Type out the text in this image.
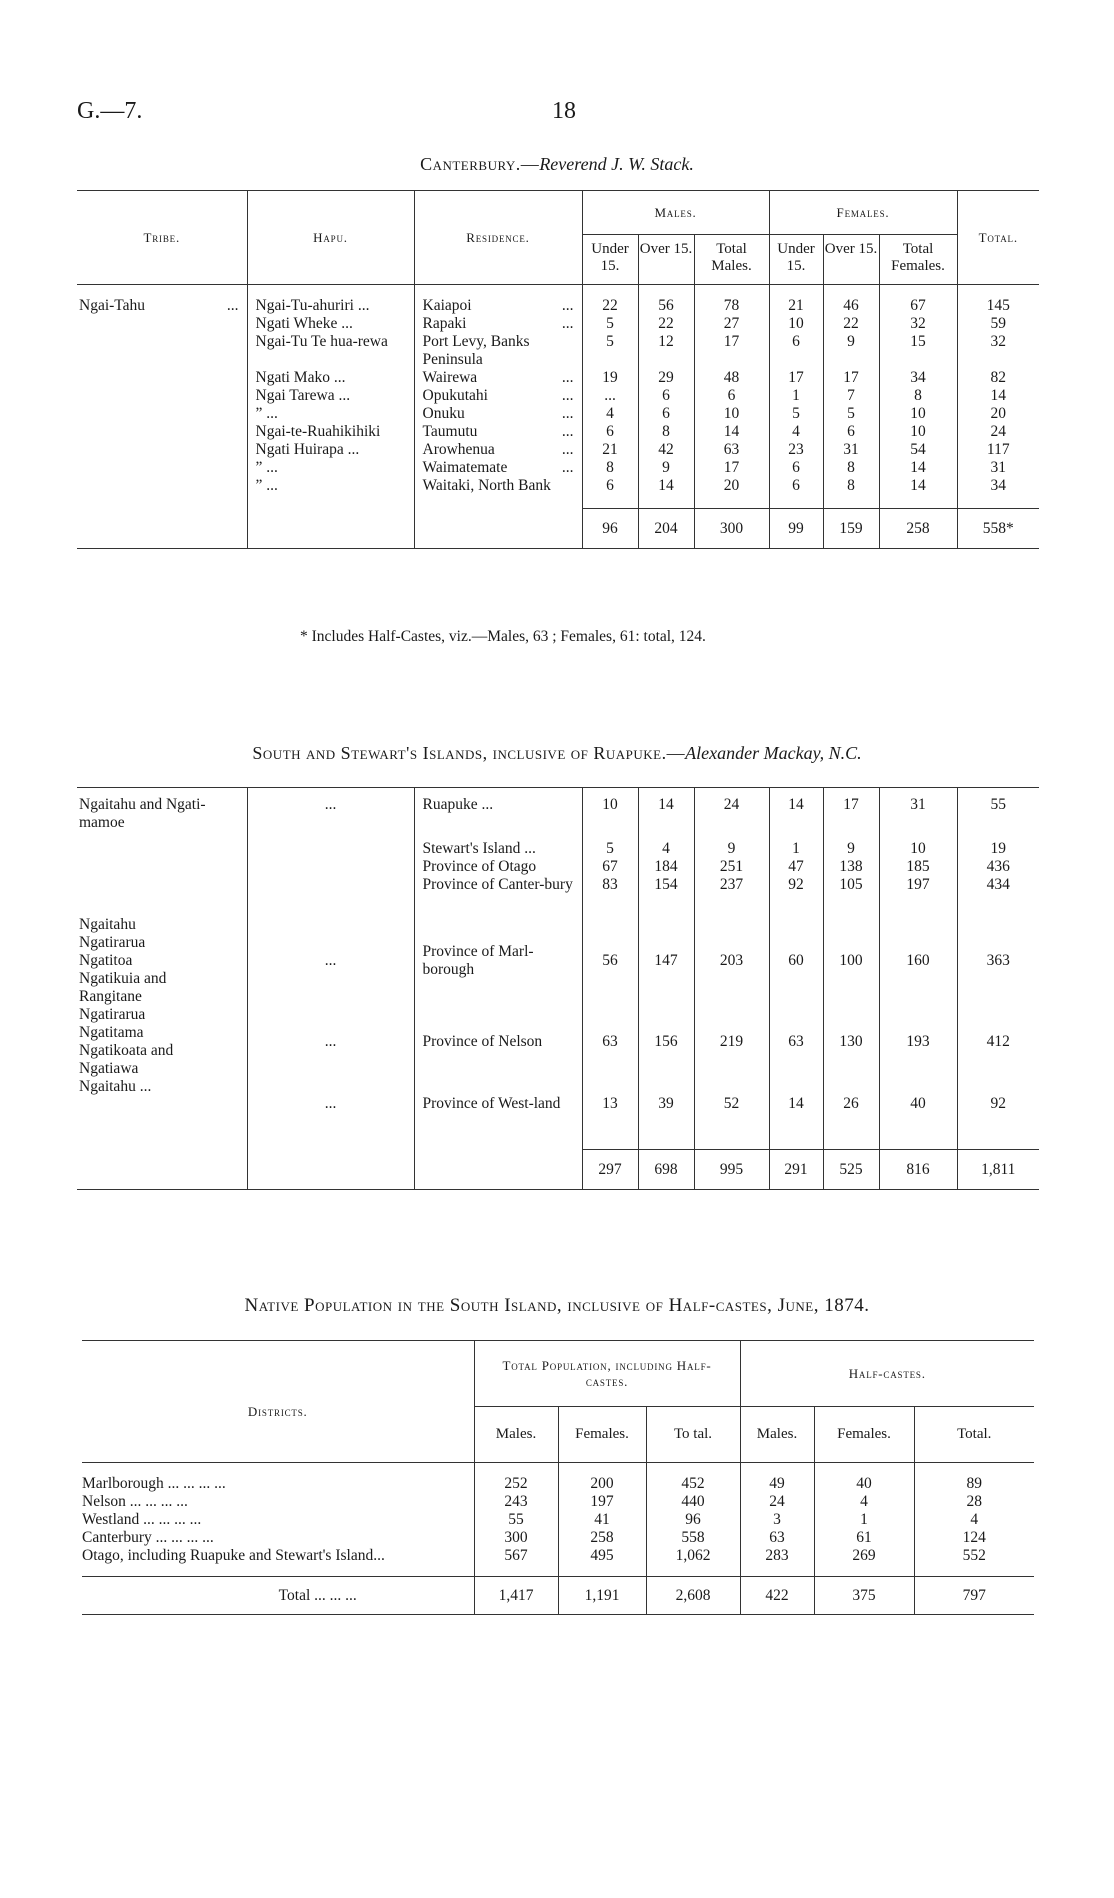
G.—7.	18
Canterbury.—Reverend J. W. Stack.
Tribe.	Hapu.	Residence.	Males.			Females.			Total.
			Under 15.	Over 15.	Total Males.	Under 15.	Over 15.	Total Females.	

Ngai-Tahu ...	Ngai-Tu-ahuriri ...	Kaiapoi ...	22	56	78	21	46	67	145
	Ngati Wheke ...	Rapaki ...	5	22	27	10	22	32	59
	Ngai-Tu Te hua-rewa	Port Levy, Banks Peninsula	5	12	17	6	9	15	32
	Ngati Mako ...	Wairewa ...	19	29	48	17	17	34	82
	Ngai Tarewa ...	Opukutahi ...	...	6	6	1	7	8	14
	” ...	Onuku ...	4	6	10	5	5	10	20
	Ngai-te-Ruahikihiki	Taumutu ...	6	8	14	4	6	10	24
	Ngati Huirapa ...	Arowhenua ...	21	42	63	23	31	54	117
	” ...	Waimatemate ...	8	9	17	6	8	14	31
	” ...	Waitaki, North Bank	6	14	20	6	8	14	34

			96	204	300	99	159	258	558*
* Includes Half-Castes, viz.—Males, 63 ; Females, 61: total, 124.
South and Stewart's Islands, inclusive of Ruapuke.—Alexander Mackay, N.C.

Ngaitahu and Ngati-mamoe	...	Ruapuke ...	10	14	24	14	17	31	55
		Stewart's Island ...	5	4	9	1	9	10	19
		Province of Otago	67	184	251	47	138	185	436
		Province of Canter-bury	83	154	237	92	105	197	434
Ngaitahu
Ngatirarua
Ngatitoa
Ngatikuia and
Rangitane	...	Province of Marl-borough	56	147	203	60	100	160	363
Ngatirarua
Ngatitama
Ngatikoata and
Ngatiawa	...	Province of Nelson	63	156	219	63	130	193	412
Ngaitahu ...	...	Province of West-land	13	39	52	14	26	40	92

			297	698	995	291	525	816	1,811
Native Population in the South Island, inclusive of Half-castes, June, 1874.
Districts.	Total Population, including Half-castes.			Half-castes.		
	Males.	Females.	To tal.	Males.	Females.	Total.

Marlborough ... ... ... ...	252	200	452	49	40	89
Nelson ... ... ... ...	243	197	440	24	4	28
Westland ... ... ... ...	55	41	96	3	1	4
Canterbury ... ... ... ...	300	258	558	63	61	124
Otago, including Ruapuke and Stewart's Island...	567	495	1,062	283	269	552

Total ... ... ...	1,417	1,191	2,608	422	375	797
